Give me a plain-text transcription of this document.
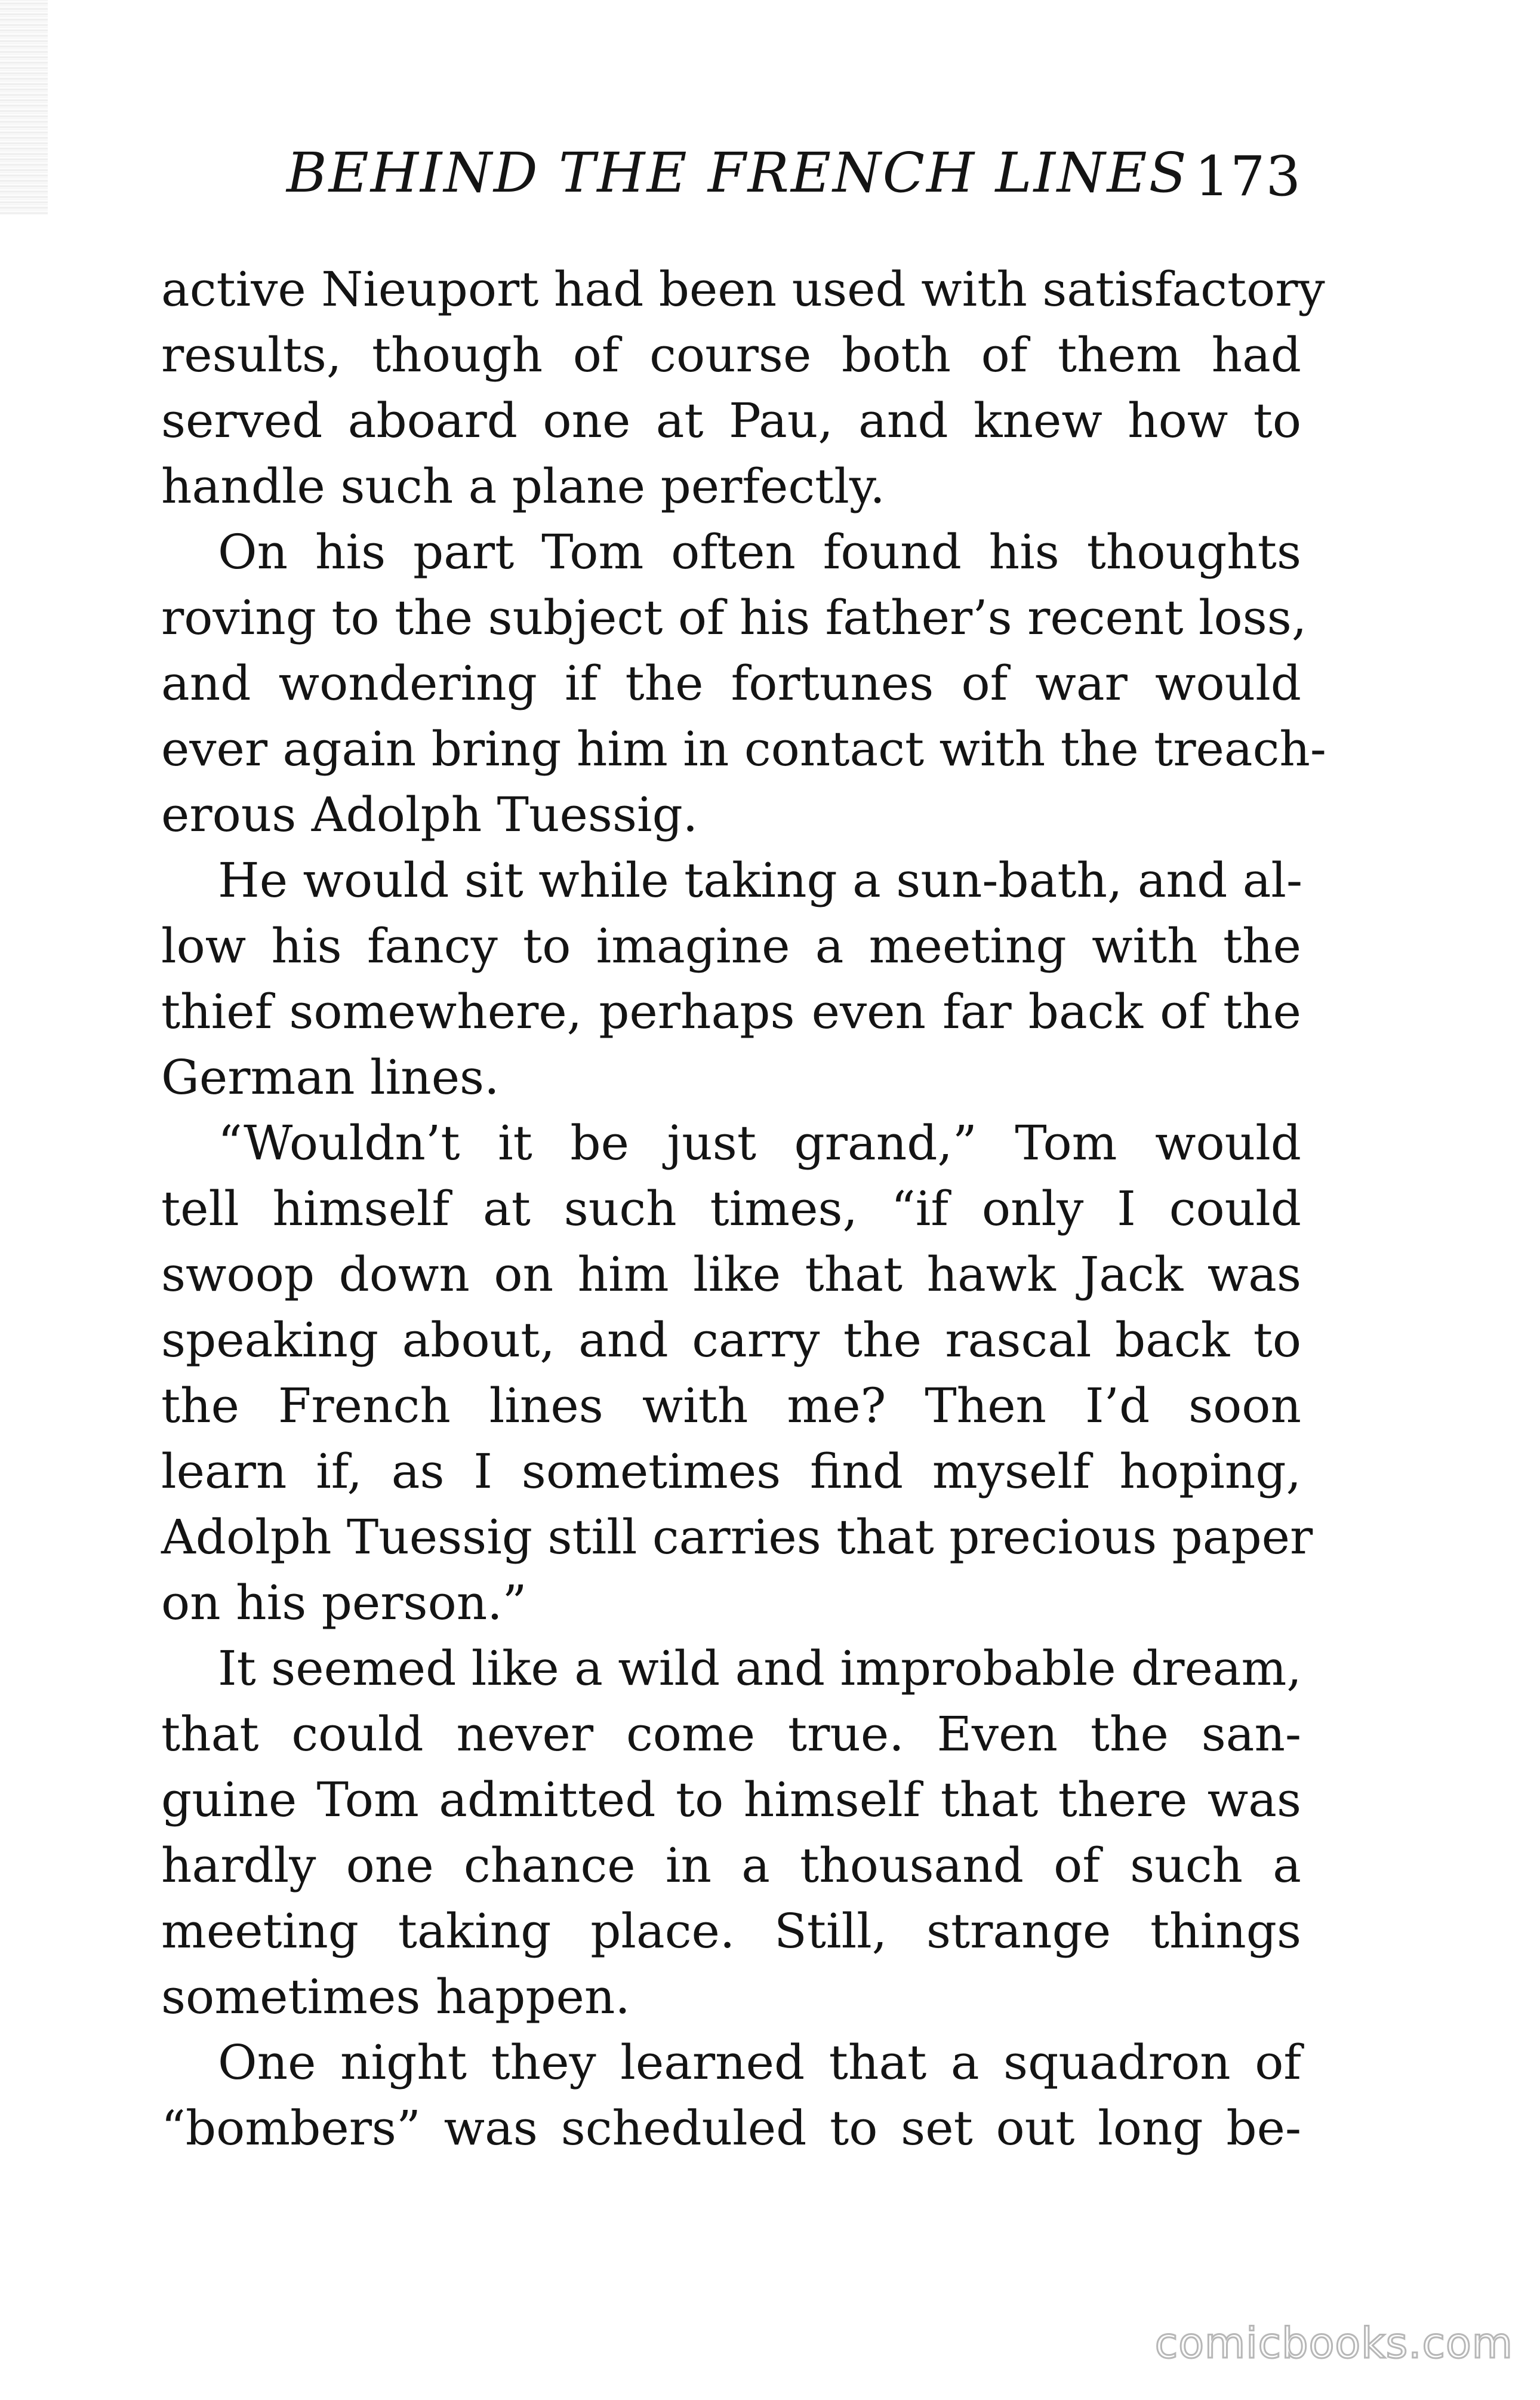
BEHIND THE FRENCH LINES 173
active Nieuport had been used with satisfactory
results, though of course both of them had
served aboard one at Pau, and knew how to
handle such a plane perfectly.
On his part Tom often found his thoughts
roving to the subject of his father’s recent loss,
and wondering if the fortunes of war would
ever again bring him in contact with the treach-
erous Adolph Tuessig.
He would sit while taking a sun-bath, and al-
low his fancy to imagine a meeting with the
thief somewhere, perhaps even far back of the
German lines.
“Wouldn’t it be just grand,” Tom would
tell himself at such times, “if only I could
swoop down on him like that hawk Jack was
speaking about, and carry the rascal back to
the French lines with me? Then I’d soon
learn if, as I sometimes find myself hoping,
Adolph Tuessig still carries that precious paper
on his person.”
It seemed like a wild and improbable dream,
that could never come true. Even the san-
guine Tom admitted to himself that there was
hardly one chance in a thousand of such a
meeting taking place. Still, strange things
sometimes happen.
One night they learned that a squadron of
“bombers” was scheduled to set out long be-
comicbooks.com
